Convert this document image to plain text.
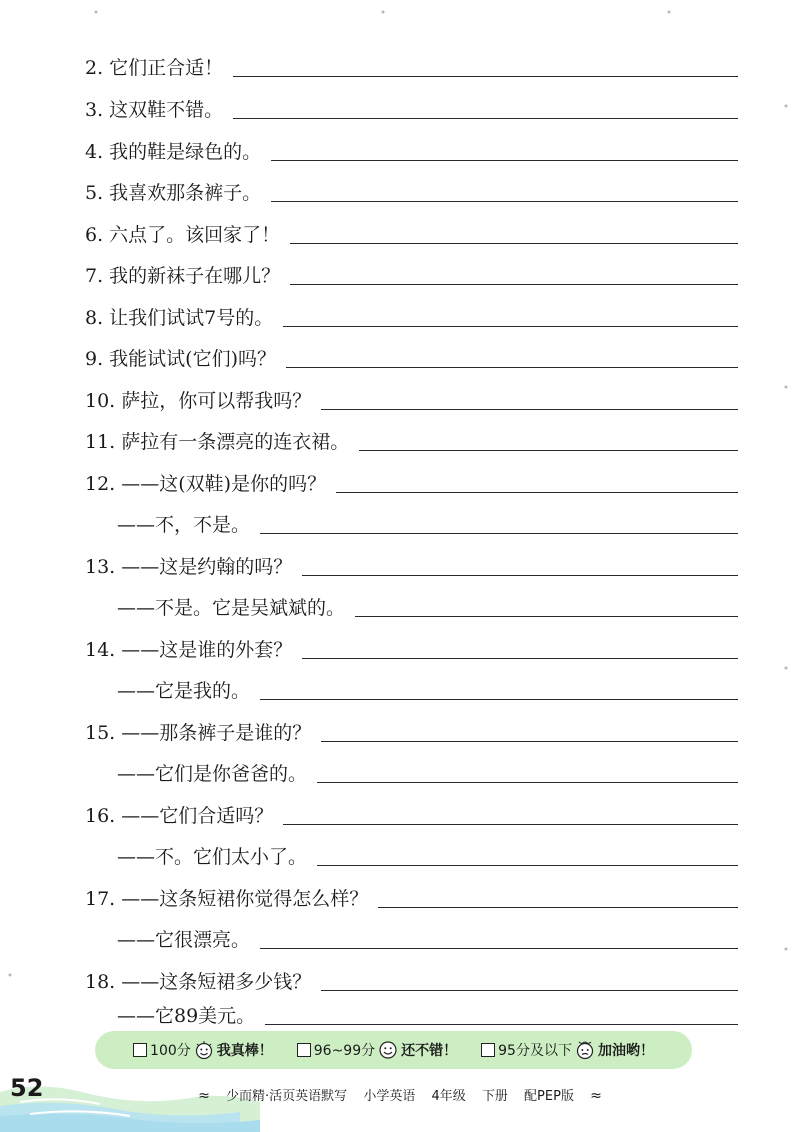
2. 它们正合适！
3. 这双鞋不错。
4. 我的鞋是绿色的。
5. 我喜欢那条裤子。
6. 六点了。该回家了！
7. 我的新袜子在哪儿？
8. 让我们试试7号的。
9. 我能试试(它们)吗？
10. 萨拉，你可以帮我吗？
11. 萨拉有一条漂亮的连衣裙。
12. ——这(双鞋)是你的吗？
——不，不是。
13. ——这是约翰的吗？
——不是。它是吴斌斌的。
14. ——这是谁的外套？
——它是我的。
15. ——那条裤子是谁的？
——它们是你爸爸的。
16. ——它们合适吗？
——不。它们太小了。
17. ——这条短裙你觉得怎么样？
——它很漂亮。
18. ——这条短裙多少钱？
——它89美元。
100分 我真棒！	96~99分 还不错！	95分及以下 加油哟！
52	≈ 少而精·活页英语默写 小学英语 4年级 下册 配PEP版 ≈
